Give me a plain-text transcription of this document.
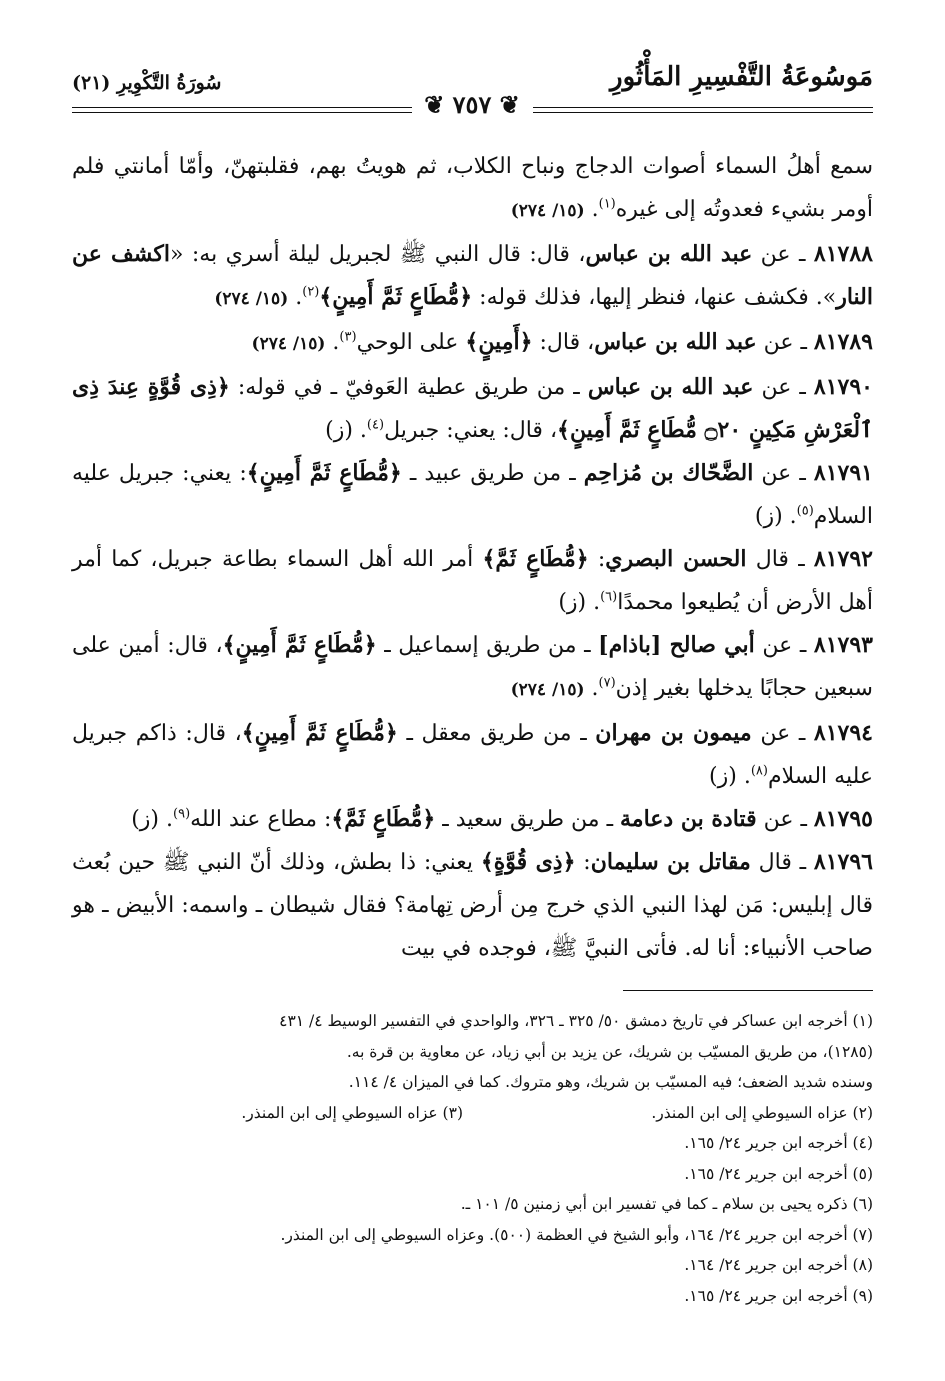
مَوسُوعَةُ التَّفْسِيرِ المَأْثُورِ
سُورَةُ التَّكْوِيرِ (٢١)
❦ ٧٥٧ ❦

سمع أهلُ السماء أصوات الدجاج ونباح الكلاب، ثم هويتُ بهم، فقلبتهنّ، وأمّا أمانتي فلم أومر بشيء فعدوتُه إلى غيره$^{(١)}$. (١٥/ ٢٧٤)

٨١٧٨٨ ـ عن عبد الله بن عباس، قال: قال النبي ﷺ لجبريل ليلة أسري به: «اكشف عن النار». فكشف عنها، فنظر إليها، فذلك قوله: ﴿مُّطَاعٍ ثَمَّ أَمِينٍ﴾$^{(٢)}$. (١٥/ ٢٧٤)

٨١٧٨٩ ـ عن عبد الله بن عباس، قال: ﴿أَمِينٍ﴾ على الوحي$^{(٣)}$. (١٥/ ٢٧٤)

٨١٧٩٠ ـ عن عبد الله بن عباس ـ من طريق عطية العَوفيّ ـ في قوله: ﴿ذِى قُوَّةٍ عِندَ ذِى ٱلْعَرْشِ مَكِينٍ ۝٢٠ مُّطَاعٍ ثَمَّ أَمِينٍ﴾، قال: يعني: جبريل$^{(٤)}$. (ز)

٨١٧٩١ ـ عن الضَّحّاك بن مُزاحِم ـ من طريق عبيد ـ ﴿مُّطَاعٍ ثَمَّ أَمِينٍ﴾: يعني: جبريل عليه السلام$^{(٥)}$. (ز)

٨١٧٩٢ ـ قال الحسن البصري: ﴿مُّطَاعٍ ثَمَّ﴾ أمر الله أهل السماء بطاعة جبريل، كما أمر أهل الأرض أن يُطيعوا محمدًا$^{(٦)}$. (ز)

٨١٧٩٣ ـ عن أبي صالح [باذام] ـ من طريق إسماعيل ـ ﴿مُّطَاعٍ ثَمَّ أَمِينٍ﴾، قال: أمين على سبعين حجابًا يدخلها بغير إذن$^{(٧)}$. (١٥/ ٢٧٤)

٨١٧٩٤ ـ عن ميمون بن مهران ـ من طريق معقل ـ ﴿مُّطَاعٍ ثَمَّ أَمِينٍ﴾، قال: ذاكم جبريل عليه السلام$^{(٨)}$. (ز)

٨١٧٩٥ ـ عن قتادة بن دعامة ـ من طريق سعيد ـ ﴿مُّطَاعٍ ثَمَّ﴾: مطاع عند الله$^{(٩)}$. (ز)

٨١٧٩٦ ـ قال مقاتل بن سليمان: ﴿ذِى قُوَّةٍ﴾ يعني: ذا بطش، وذلك أنّ النبي ﷺ حين بُعث قال إبليس: مَن لهذا النبي الذي خرج مِن أرض تِهامة؟ فقال شيطان ـ واسمه: الأبيض ـ هو صاحب الأنبياء: أنا له. فأتى النبيَّ ﷺ، فوجده في بيت

(١) أخرجه ابن عساكر في تاريخ دمشق ٥٠/ ٣٢٥ ـ ٣٢٦، والواحدي في التفسير الوسيط ٤/ ٤٣١

(١٢٨٥)، من طريق المسيّب بن شريك، عن يزيد بن أبي زياد، عن معاوية بن قرة به.

وسنده شديد الضعف؛ فيه المسيّب بن شريك، وهو متروك. كما في الميزان ٤/ ١١٤.

(٢) عزاه السيوطي إلى ابن المنذر.
(٣) عزاه السيوطي إلى ابن المنذر.

(٤) أخرجه ابن جرير ٢٤/ ١٦٥.

(٥) أخرجه ابن جرير ٢٤/ ١٦٥.

(٦) ذكره يحيى بن سلام ـ كما في تفسير ابن أبي زمنين ٥/ ١٠١ ـ.

(٧) أخرجه ابن جرير ٢٤/ ١٦٤، وأبو الشيخ في العظمة (٥٠٠). وعزاه السيوطي إلى ابن المنذر.

(٨) أخرجه ابن جرير ٢٤/ ١٦٤.

(٩) أخرجه ابن جرير ٢٤/ ١٦٥.
